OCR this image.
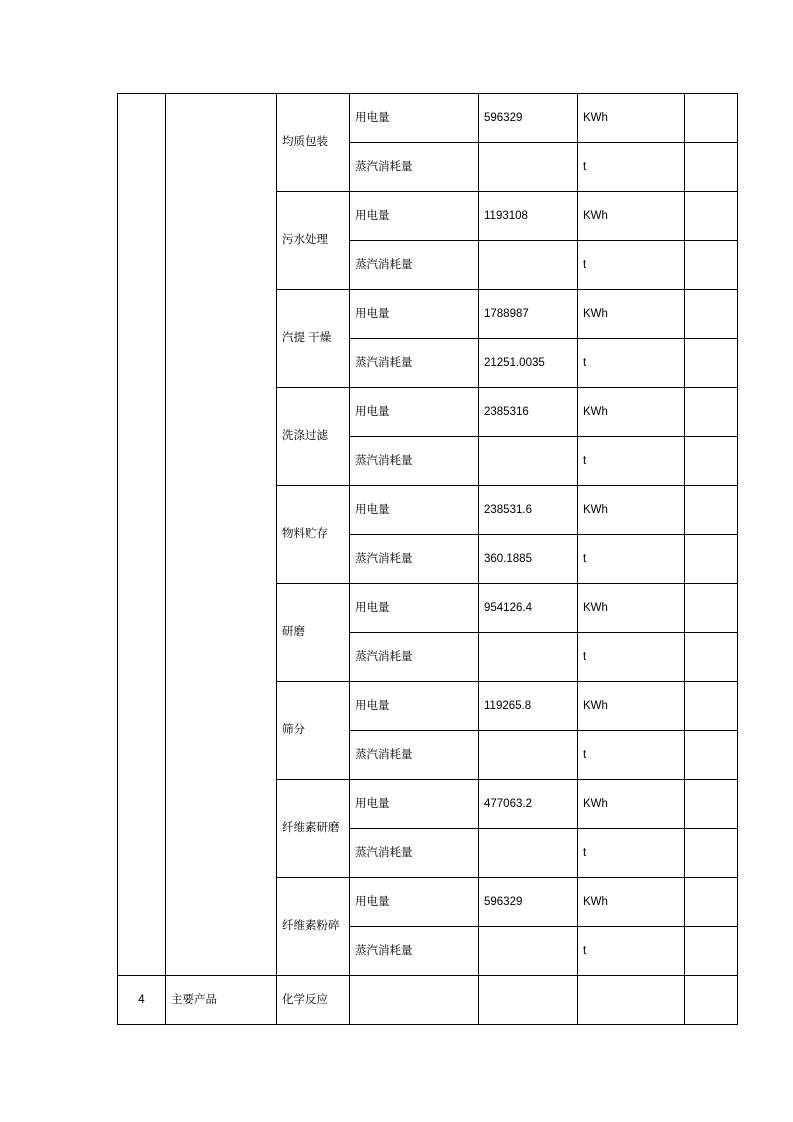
		均质包装	用电量	596329	KWh	
			蒸汽消耗量		t	
		污水处理	用电量	1193108	KWh	
			蒸汽消耗量		t	
		汽提 干燥	用电量	1788987	KWh	
			蒸汽消耗量	21251.0035	t	
		洗涤过滤	用电量	2385316	KWh	
			蒸汽消耗量		t	
		物料贮存	用电量	238531.6	KWh	
			蒸汽消耗量	360.1885	t	
		研磨	用电量	954126.4	KWh	
			蒸汽消耗量		t	
		筛分	用电量	119265.8	KWh	
			蒸汽消耗量		t	
		纤维素研磨	用电量	477063.2	KWh	
			蒸汽消耗量		t	
		纤维素粉碎	用电量	596329	KWh	
			蒸汽消耗量		t	
4	主要产品	化学反应				
